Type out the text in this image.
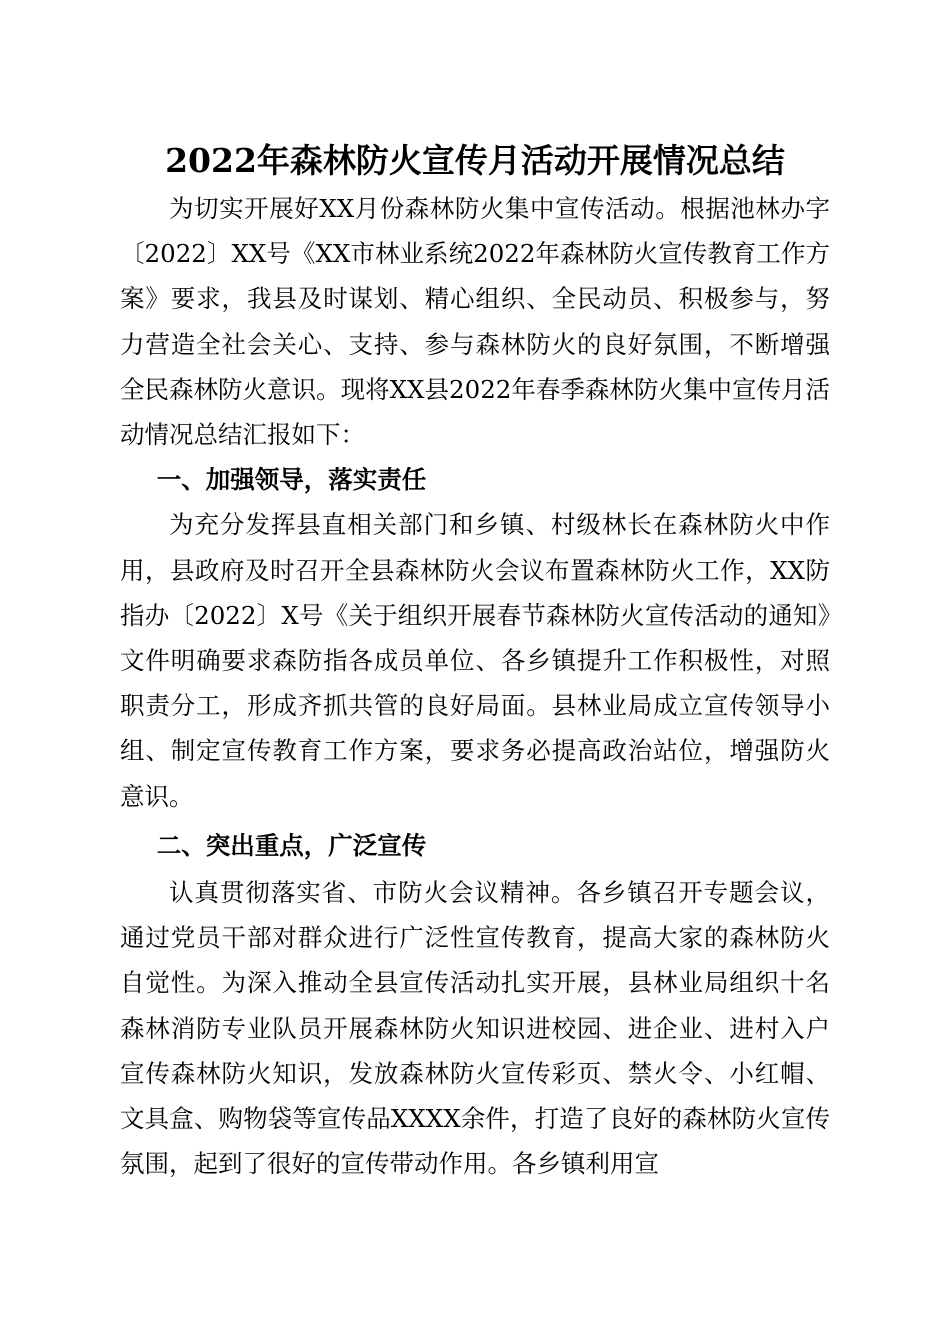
2022年森林防火宣传月活动开展情况总结

为切实开展好XX月份森林防火集中宣传活动。根据池林办字〔2022〕XX号《XX市林业系统2022年森林防火宣传教育工作方案》要求，我县及时谋划、精心组织、全民动员、积极参与，努力营造全社会关心、支持、参与森林防火的良好氛围，不断增强全民森林防火意识。现将XX县2022年春季森林防火集中宣传月活动情况总结汇报如下：

一、加强领导，落实责任

为充分发挥县直相关部门和乡镇、村级林长在森林防火中作用，县政府及时召开全县森林防火会议布置森林防火工作，XX防指办〔2022〕X号《关于组织开展春节森林防火宣传活动的通知》文件明确要求森防指各成员单位、各乡镇提升工作积极性，对照职责分工，形成齐抓共管的良好局面。县林业局成立宣传领导小组、制定宣传教育工作方案，要求务必提高政治站位，增强防火意识。

二、突出重点，广泛宣传

认真贯彻落实省、市防火会议精神。各乡镇召开专题会议，通过党员干部对群众进行广泛性宣传教育，提高大家的森林防火自觉性。为深入推动全县宣传活动扎实开展，县林业局组织十名森林消防专业队员开展森林防火知识进校园、进企业、进村入户宣传森林防火知识，发放森林防火宣传彩页、禁火令、小红帽、文具盒、购物袋等宣传品XXXX余件，打造了良好的森林防火宣传氛围，起到了很好的宣传带动作用。各乡镇利用宣
